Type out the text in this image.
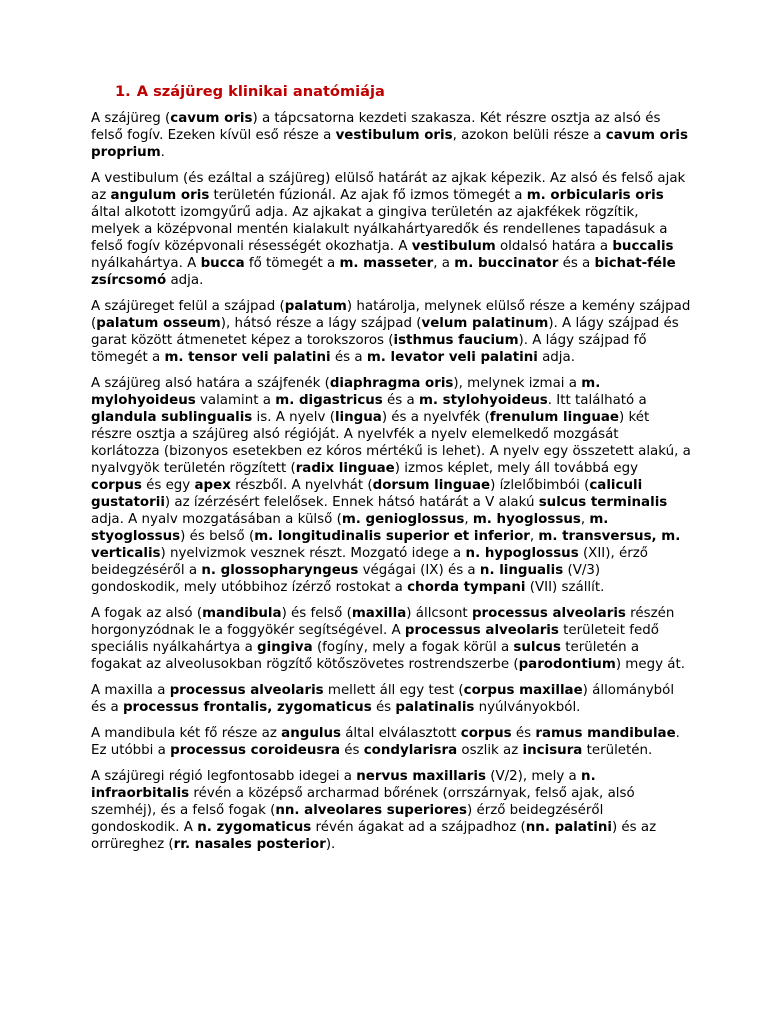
1. A szájüreg klinikai anatómiája

A szájüreg (cavum oris) a tápcsatorna kezdeti szakasza. Két részre osztja az alsó és felső fogív. Ezeken kívül eső része a vestibulum oris, azokon belüli része a cavum oris proprium.

A vestibulum (és ezáltal a szájüreg) elülső határát az ajkak képezik. Az alsó és felső ajak az angulum oris területén fúzionál. Az ajak fő izmos tömegét a m. orbicularis oris által alkotott izomgyűrű adja. Az ajkakat a gingiva területén az ajakfékek rögzítik, melyek a középvonal mentén kialakult nyálkahártyaredők és rendellenes tapadásuk a felső fogív középvonali résességét okozhatja. A vestibulum oldalsó határa a buccalis nyálkahártya. A bucca fő tömegét a m. masseter, a m. buccinator és a bichat-féle zsírcsomó adja.

A szájüreget felül a szájpad (palatum) határolja, melynek elülső része a kemény szájpad (palatum osseum), hátsó része a lágy szájpad (velum palatinum). A lágy szájpad és garat között átmenetet képez a torokszoros (isthmus faucium). A lágy szájpad fő tömegét a m. tensor veli palatini és a m. levator veli palatini adja.

A szájüreg alsó határa a szájfenék (diaphragma oris), melynek izmai a m. mylohyoideus valamint a m. digastricus és a m. stylohyoideus. Itt található a glandula sublingualis is. A nyelv (lingua) és a nyelvfék (frenulum linguae) két részre osztja a szájüreg alsó régióját. A nyelvfék a nyelv elemelkedő mozgását korlátozza (bizonyos esetekben ez kóros mértékű is lehet). A nyelv egy összetett alakú, a nyalvgyök területén rögzített (radix linguae) izmos képlet, mely áll továbbá egy corpus és egy apex részből. A nyelvhát (dorsum linguae) ízlelőbimbói (caliculi gustatorii) az ízérzésért felelősek. Ennek hátsó határát a V alakú sulcus terminalis adja. A nyalv mozgatásában a külső (m. genioglossus, m. hyoglossus, m. styoglossus) és belső (m. longitudinalis superior et inferior, m. transversus, m. verticalis) nyelvizmok vesznek részt. Mozgató idege a n. hypoglossus (XII), érző beidegzéséről a n. glossopharyngeus végágai (IX) és a n. lingualis (V/3) gondoskodik, mely utóbbihoz ízérző rostokat a chorda tympani (VII) szállít.

A fogak az alsó (mandibula) és felső (maxilla) állcsont processus alveolaris részén horgonyzódnak le a foggyökér segítségével. A processus alveolaris területeit fedő speciális nyálkahártya a gingiva (fogíny, mely a fogak körül a sulcus területén a fogakat az alveolusokban rögzítő kötőszövetes rostrendszerbe (parodontium) megy át.

A maxilla a processus alveolaris mellett áll egy test (corpus maxillae) állományból és a processus frontalis, zygomaticus és palatinalis nyúlványokból.

A mandibula két fő része az angulus által elválasztott corpus és ramus mandibulae. Ez utóbbi a processus coroideusra és condylarisra oszlik az incisura területén.

A szájüregi régió legfontosabb idegei a nervus maxillaris (V/2), mely a n. infraorbitalis révén a középső archarmad bőrének (orrszárnyak, felső ajak, alsó szemhéj), és a felső fogak (nn. alveolares superiores) érző beidegzéséről gondoskodik. A n. zygomaticus révén ágakat ad a szájpadhoz (nn. palatini) és az orrüreghez (rr. nasales posterior).
